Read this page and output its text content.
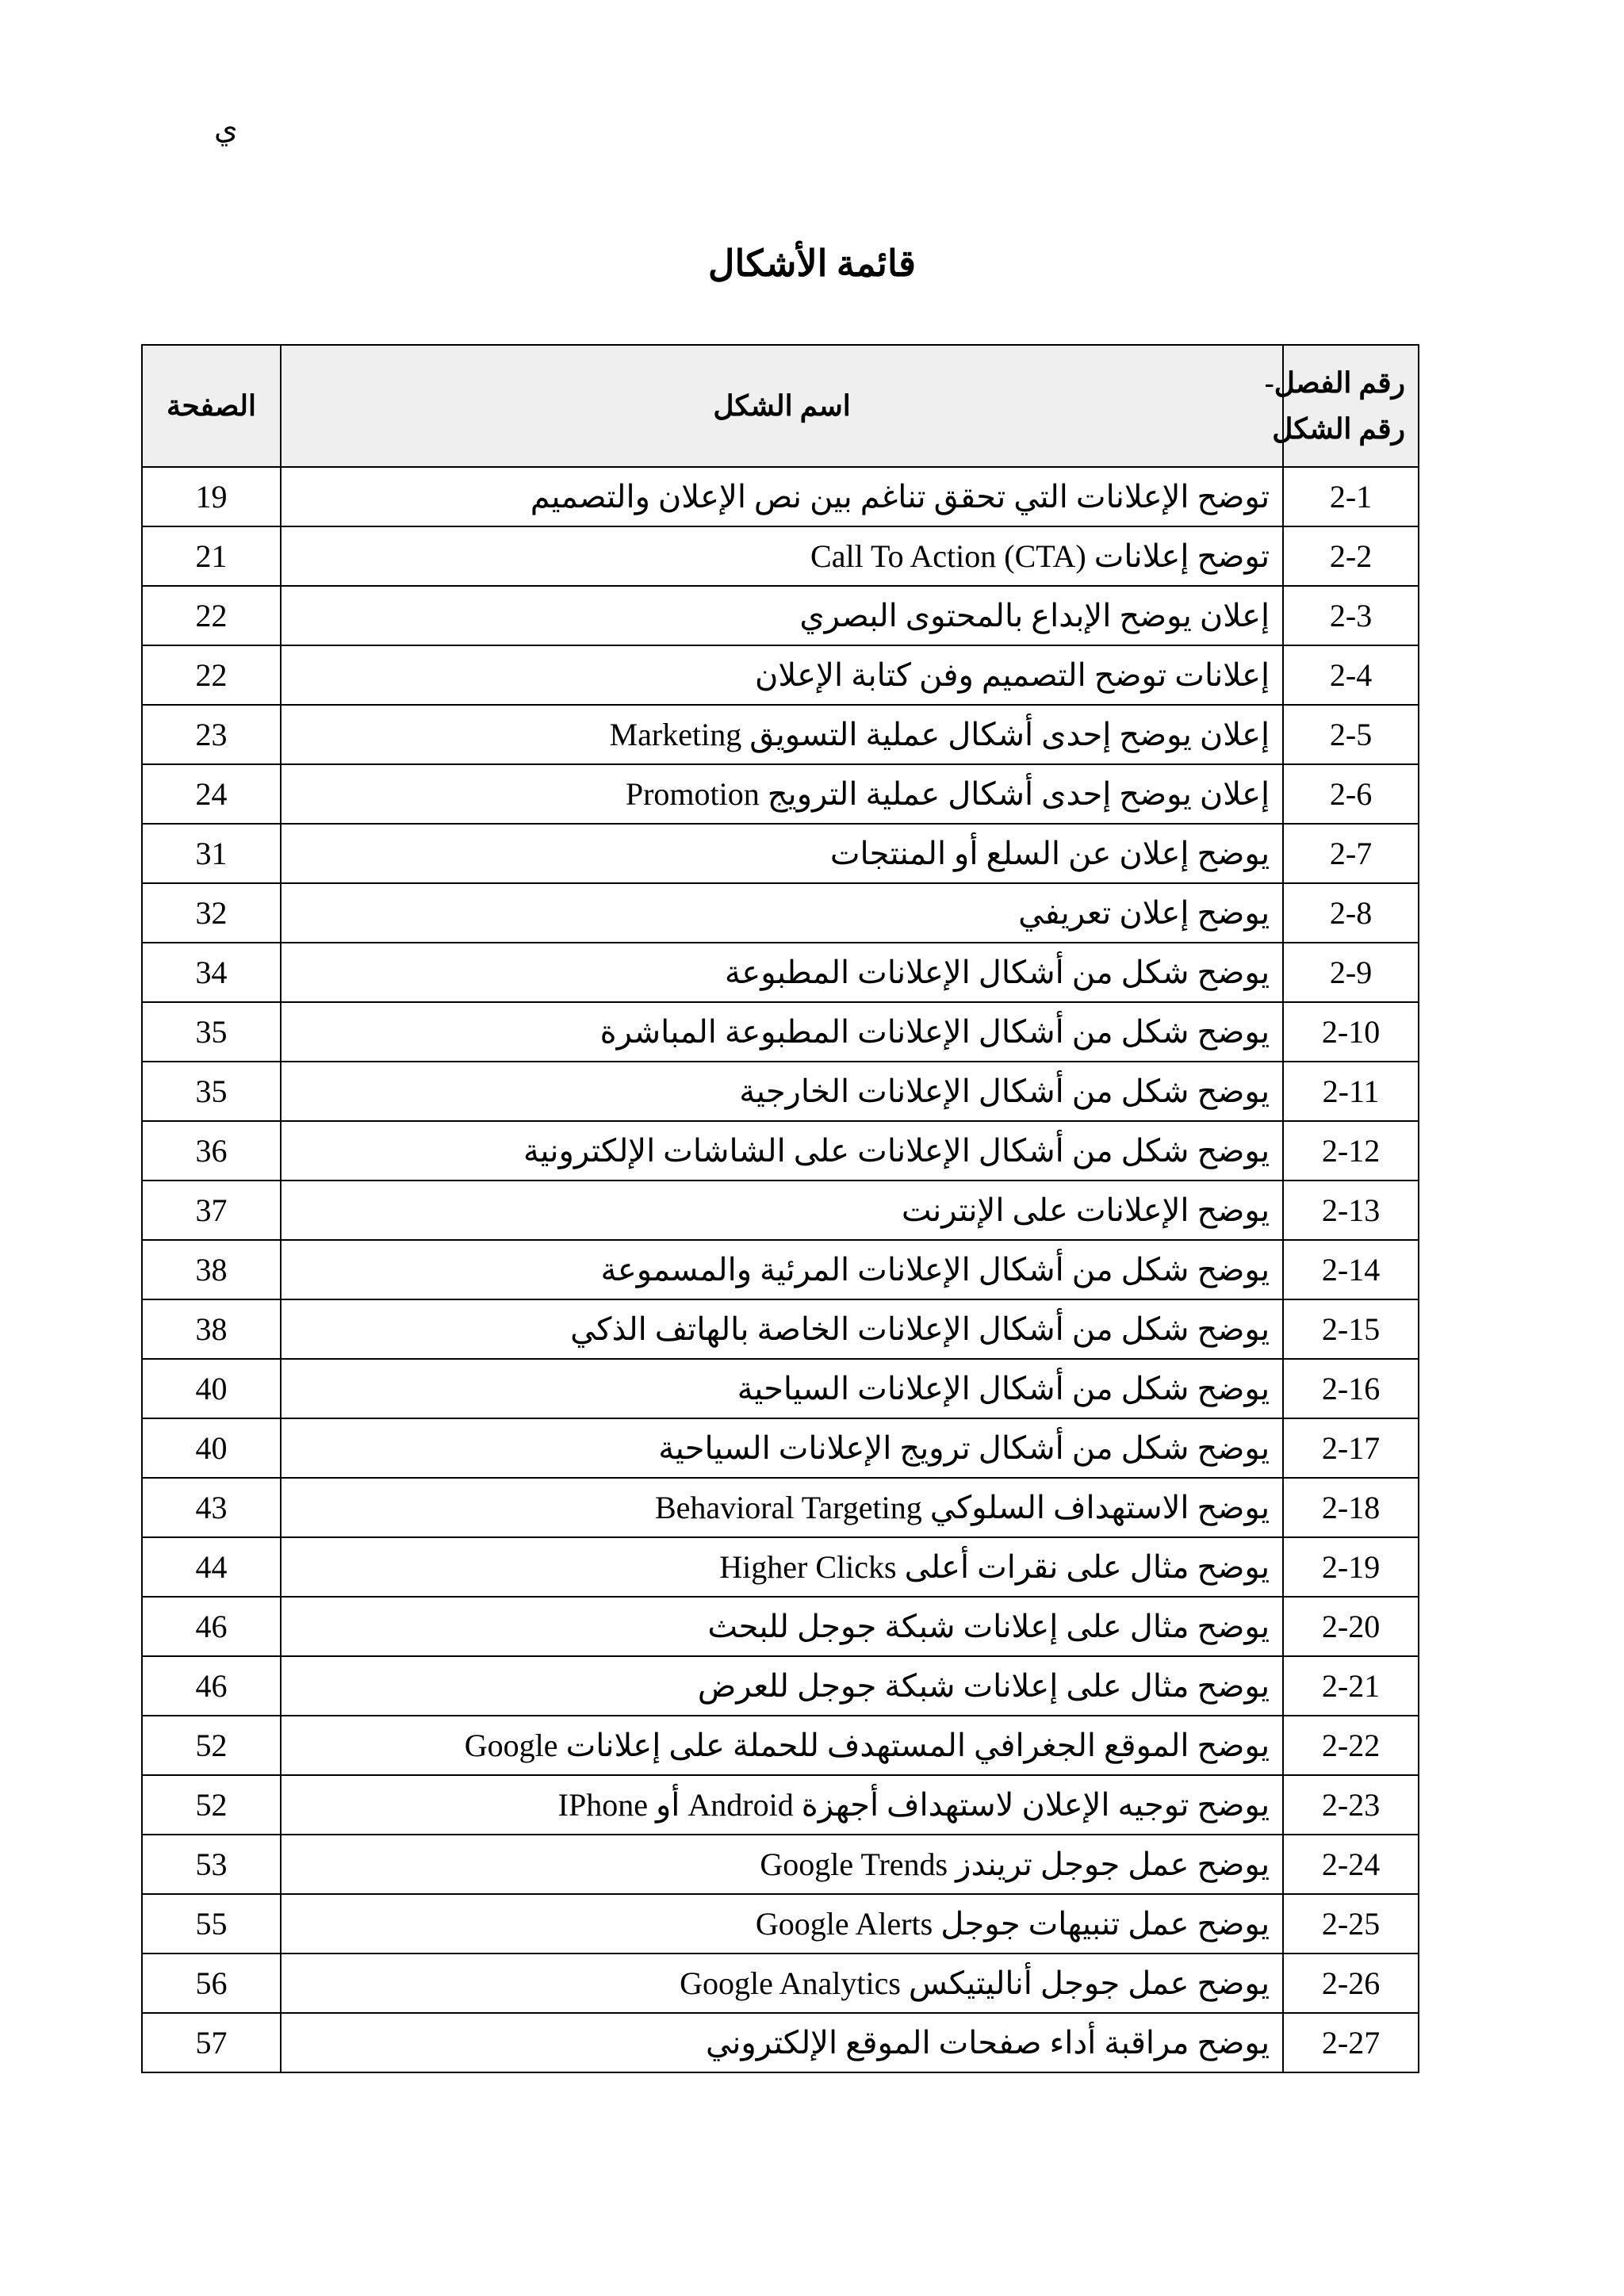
ي
قائمة الأشكال
رقم الفصل-
رقم الشكل	اسم الشكل	الصفحة
2-1	توضح الإعلانات التي تحقق تناغم بين نص الإعلان والتصميم	19
2-2	توضح إعلانات (Call To Action (CTA	21
2-3	إعلان يوضح الإبداع بالمحتوى البصري	22
2-4	إعلانات توضح التصميم وفن كتابة الإعلان	22
2-5	إعلان يوضح إحدى أشكال عملية التسويق Marketing	23
2-6	إعلان يوضح إحدى أشكال عملية الترويج Promotion	24
2-7	يوضح إعلان عن السلع أو المنتجات	31
2-8	يوضح إعلان تعريفي	32
2-9	يوضح شكل من أشكال الإعلانات المطبوعة	34
2-10	يوضح شكل من أشكال الإعلانات المطبوعة المباشرة	35
2-11	يوضح شكل من أشكال الإعلانات الخارجية	35
2-12	يوضح شكل من أشكال الإعلانات على الشاشات الإلكترونية	36
2-13	يوضح الإعلانات على الإنترنت	37
2-14	يوضح شكل من أشكال الإعلانات المرئية والمسموعة	38
2-15	يوضح شكل من أشكال الإعلانات الخاصة بالهاتف الذكي	38
2-16	يوضح شكل من أشكال الإعلانات السياحية	40
2-17	يوضح شكل من أشكال ترويج الإعلانات السياحية	40
2-18	يوضح الاستهداف السلوكي Behavioral Targeting	43
2-19	يوضح مثال على نقرات أعلى Higher Clicks	44
2-20	يوضح مثال على إعلانات شبكة جوجل للبحث	46
2-21	يوضح مثال على إعلانات شبكة جوجل للعرض	46
2-22	يوضح الموقع الجغرافي المستهدف للحملة على إعلانات Google	52
2-23	يوضح توجيه الإعلان لاستهداف أجهزة Android أو IPhone	52
2-24	يوضح عمل جوجل تريندز Google Trends	53
2-25	يوضح عمل تنبيهات جوجل Google Alerts	55
2-26	يوضح عمل جوجل أناليتيكس Google Analytics	56
2-27	يوضح مراقبة أداء صفحات الموقع الإلكتروني	57
